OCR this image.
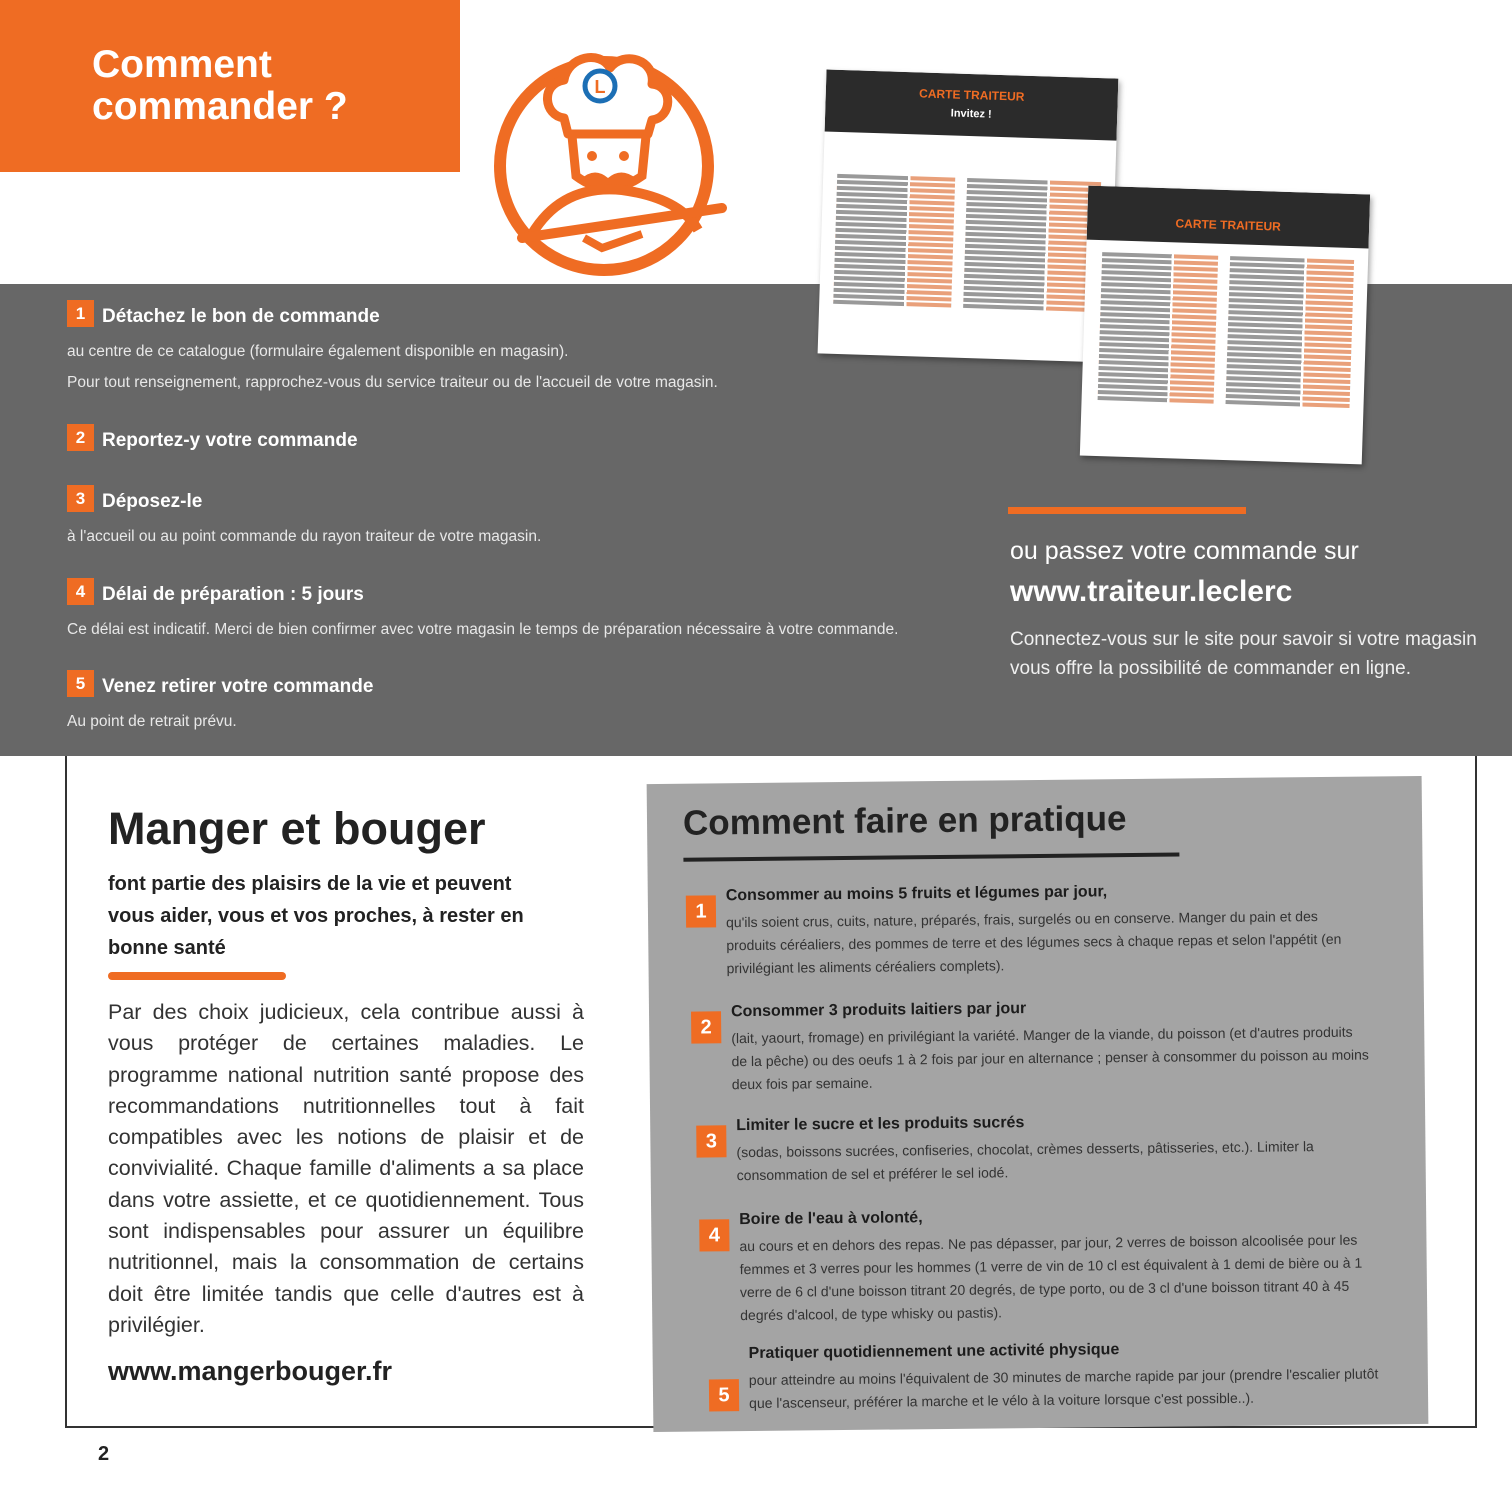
Comment
commander ?	L
1 Détachez le bon de commande
au centre de ce catalogue (formulaire également disponible en magasin).
Pour tout renseignement, rapprochez-vous du service traiteur ou de l'accueil de votre magasin.
2 Reportez-y votre commande
3 Déposez-le
à l'accueil ou au point commande du rayon traiteur de votre magasin.
4 Délai de préparation : 5 jours
Ce délai est indicatif. Merci de bien confirmer avec votre magasin le temps de préparation nécessaire à votre commande.
5 Venez retirer votre commande
Au point de retrait prévu.
CARTE TRAITEUR
Invitez !
CARTE TRAITEUR
ou passez votre commande sur
www.traiteur.leclerc
Connectez-vous sur le site pour savoir si votre magasin vous offre la possibilité de commander en ligne.
Manger et bouger
font partie des plaisirs de la vie et peuvent vous aider, vous et vos proches, à rester en bonne santé
Par des choix judicieux, cela contribue aussi à vous protéger de certaines maladies. Le programme national nutrition santé propose des recommandations nutritionnelles tout à fait compatibles avec les notions de plaisir et de convivialité. Chaque famille d'aliments a sa place dans votre assiette, et ce quotidiennement. Tous sont indispensables pour assurer un équilibre nutritionnel, mais la consommation de certains doit être limitée tandis que celle d'autres est à privilégier.
www.mangerbouger.fr
Comment faire en pratique
1
Consommer au moins 5 fruits et légumes par jour,
qu'ils soient crus, cuits, nature, préparés, frais, surgelés ou en conserve. Manger du pain et des produits céréaliers, des pommes de terre et des légumes secs à chaque repas et selon l'appétit (en privilégiant les aliments céréaliers complets).
2
Consommer 3 produits laitiers par jour
(lait, yaourt, fromage) en privilégiant la variété. Manger de la viande, du poisson (et d'autres produits de la pêche) ou des oeufs 1 à 2 fois par jour en alternance ; penser à consommer du poisson au moins deux fois par semaine.
3
Limiter le sucre et les produits sucrés
(sodas, boissons sucrées, confiseries, chocolat, crèmes desserts, pâtisseries, etc.). Limiter la consommation de sel et préférer le sel iodé.
4
Boire de l'eau à volonté,
au cours et en dehors des repas. Ne pas dépasser, par jour, 2 verres de boisson alcoolisée pour les femmes et 3 verres pour les hommes (1 verre de vin de 10 cl est équivalent à 1 demi de bière ou à 1 verre de 6 cl d'une boisson titrant 20 degrés, de type porto, ou de 3 cl d'une boisson titrant 40 à 45 degrés d'alcool, de type whisky ou pastis).
5
Pratiquer quotidiennement une activité physique
pour atteindre au moins l'équivalent de 30 minutes de marche rapide par jour (prendre l'escalier plutôt que l'ascenseur, préférer la marche et le vélo à la voiture lorsque c'est possible..).
2
